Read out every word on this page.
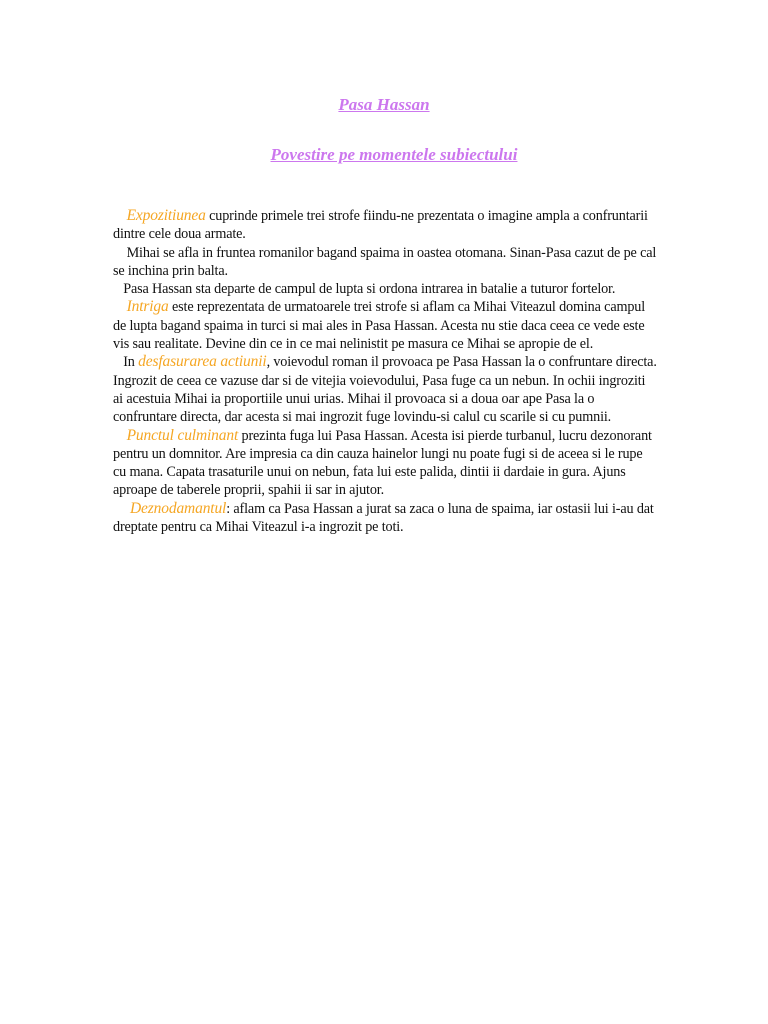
Pasa Hassan
Povestire pe momentele subiectului

Expozitiunea cuprinde primele trei strofe fiindu-ne prezentata o imagine ampla a confruntarii dintre cele doua armate.

Mihai se afla in fruntea romanilor bagand spaima in oastea otomana. Sinan-Pasa cazut de pe cal se inchina prin balta.

Pasa Hassan sta departe de campul de lupta si ordona intrarea in batalie a tuturor fortelor.

Intriga este reprezentata de urmatoarele trei strofe si aflam ca Mihai Viteazul domina campul de lupta bagand spaima in turci si mai ales in Pasa Hassan. Acesta nu stie daca ceea ce vede este vis sau realitate. Devine din ce in ce mai nelinistit pe masura ce Mihai se apropie de el.

In desfasurarea actiunii, voievodul roman il provoaca pe Pasa Hassan la o confruntare directa. Ingrozit de ceea ce vazuse dar si de vitejia voievodului, Pasa fuge ca un nebun. In ochii ingroziti ai acestuia Mihai ia proportiile unui urias. Mihai il provoaca si a doua oar ape Pasa la o confruntare directa, dar acesta si mai ingrozit fuge lovindu-si calul cu scarile si cu pumnii.

Punctul culminant prezinta fuga lui Pasa Hassan. Acesta isi pierde turbanul, lucru dezonorant pentru un domnitor. Are impresia ca din cauza hainelor lungi nu poate fugi si de aceea si le rupe cu mana. Capata trasaturile unui on nebun, fata lui este palida, dintii ii dardaie in gura. Ajuns aproape de taberele proprii, spahii ii sar in ajutor.

Deznodamantul: aflam ca Pasa Hassan a jurat sa zaca o luna de spaima, iar ostasii lui i-au dat dreptate pentru ca Mihai Viteazul i-a ingrozit pe toti.
